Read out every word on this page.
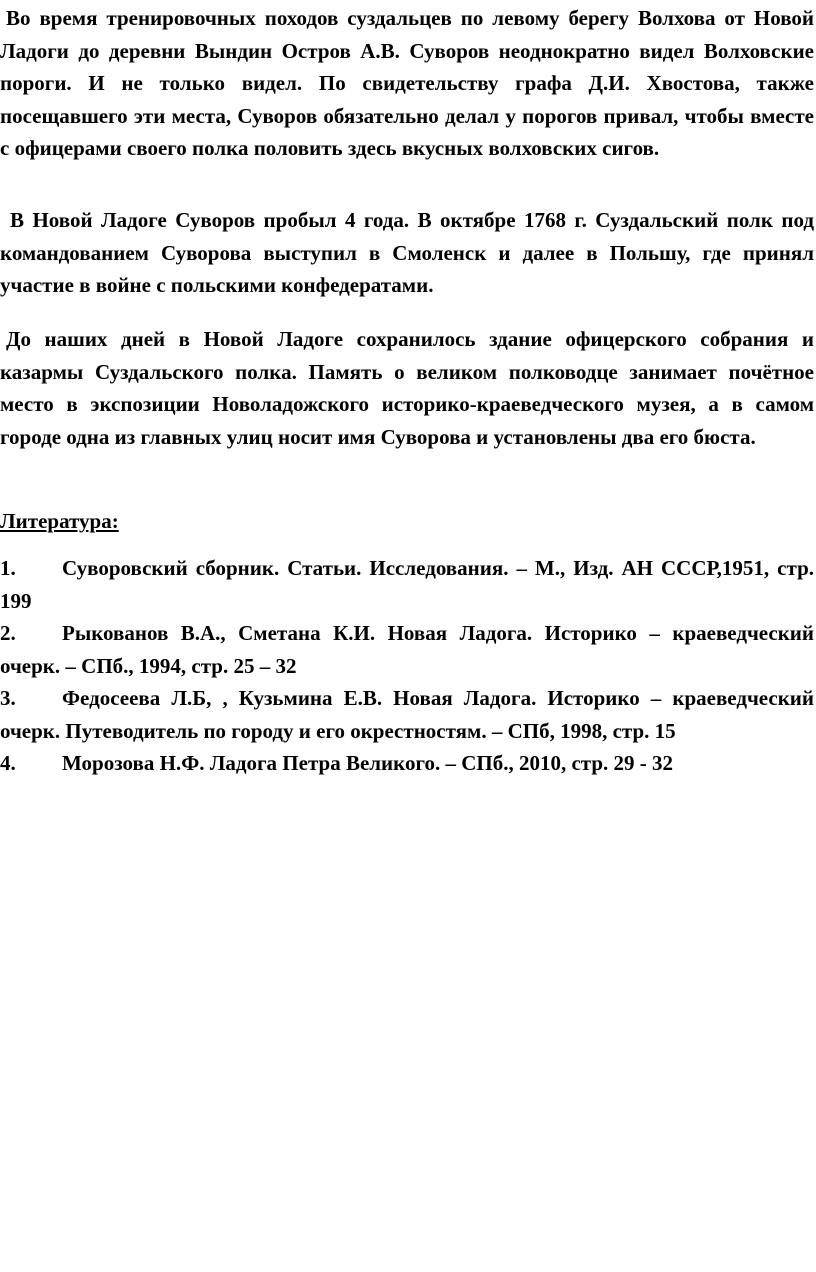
Во время тренировочных походов суздальцев по левому берегу Волхова от Новой Ладоги до деревни Вындин Остров А.В. Суворов неоднократно видел Волховские пороги. И не только видел. По свидетельству графа Д.И. Хвостова, также посещавшего эти места, Суворов обязательно делал у порогов привал, чтобы вместе с офицерами своего полка половить здесь вкусных волховских сигов.

В Новой Ладоге Суворов пробыл 4 года. В октябре 1768 г. Суздальский полк под командованием Суворова выступил в Смоленск и далее в Польшу, где принял участие в войне с польскими конфедератами.

До наших дней в Новой Ладоге сохранилось здание офицерского собрания и казармы Суздальского полка. Память о великом полководце занимает почётное место в экспозиции Новоладожского историко-краеведческого музея, а в самом городе одна из главных улиц носит имя Суворова и установлены два его бюста.

Литература:

1. Суворовский сборник. Статьи. Исследования. – М., Изд. АН СССР,1951, стр. 199
2. Рыкованов В.А., Сметана К.И. Новая Ладога. Историко – краеведческий очерк. – СПб., 1994, стр. 25 – 32
3. Федосеева Л.Б, , Кузьмина Е.В. Новая Ладога. Историко – краеведческий очерк. Путеводитель по городу и его окрестностям. – СПб, 1998, стр. 15
4. Морозова Н.Ф. Ладога Петра Великого. – СПб., 2010, стр. 29 - 32
